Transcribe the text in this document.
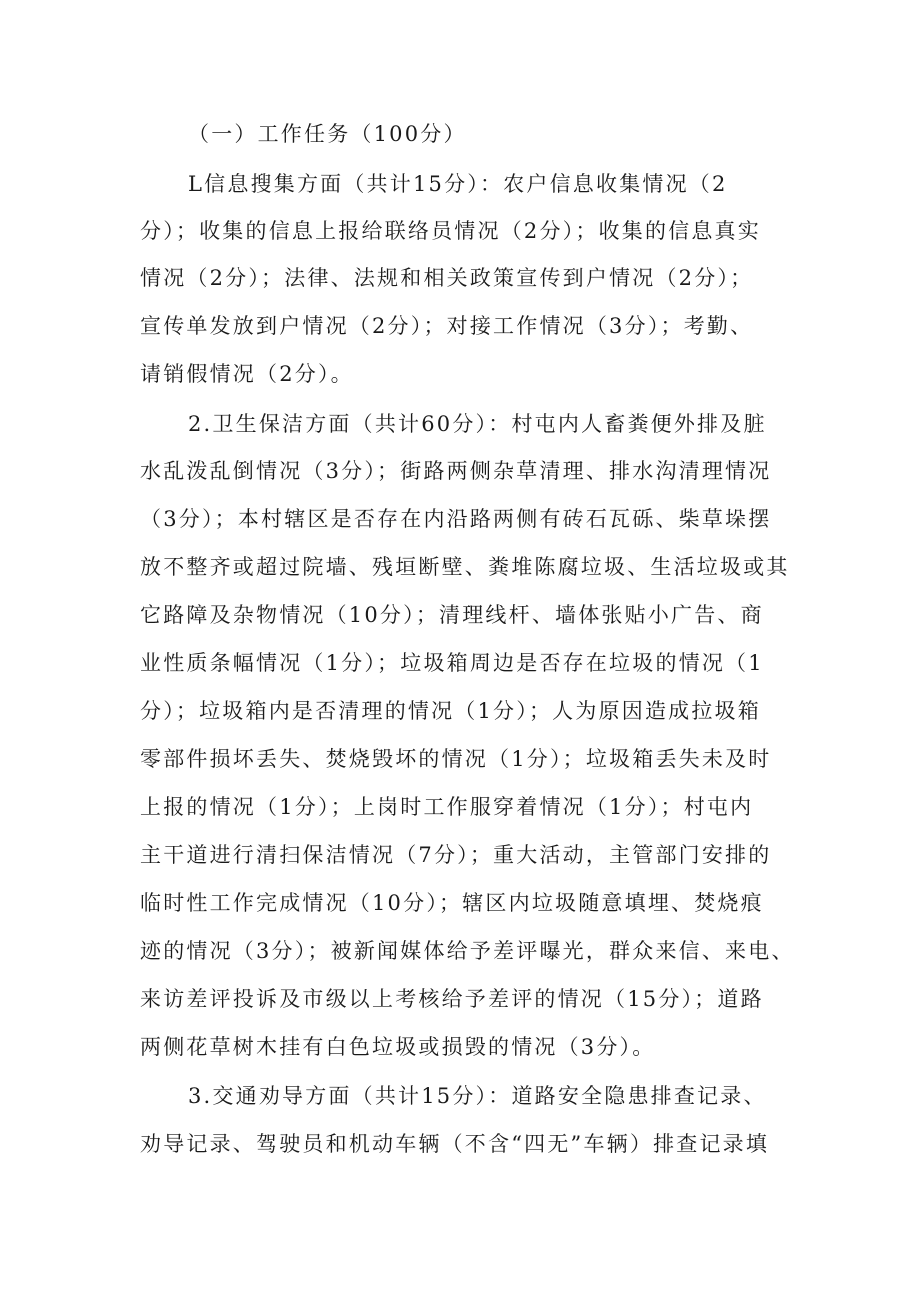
（一）工作任务（100分）
L信息搜集方面（共计15分）：农户信息收集情况（2
分）；收集的信息上报给联络员情况（2分）；收集的信息真实
情况（2分）；法律、法规和相关政策宣传到户情况（2分）；
宣传单发放到户情况（2分）；对接工作情况（3分）；考勤、
请销假情况（2分）。
2.卫生保洁方面（共计60分）：村屯内人畜粪便外排及脏
水乱泼乱倒情况（3分）；街路两侧杂草清理、排水沟清理情况
（3分）；本村辖区是否存在内沿路两侧有砖石瓦砾、柴草垛摆
放不整齐或超过院墙、残垣断壁、粪堆陈腐垃圾、生活垃圾或其
它路障及杂物情况（10分）；清理线杆、墙体张贴小广告、商
业性质条幅情况（1分）；垃圾箱周边是否存在垃圾的情况（1
分）；垃圾箱内是否清理的情况（1分）；人为原因造成拉圾箱
零部件损坏丢失、焚烧毁坏的情况（1分）；垃圾箱丢失未及时
上报的情况（1分）；上岗时工作服穿着情况（1分）；村屯内
主干道进行清扫保洁情况（7分）；重大活动，主管部门安排的
临时性工作完成情况（10分）；辖区内垃圾随意填埋、焚烧痕
迹的情况（3分）；被新闻媒体给予差评曝光，群众来信、来电、
来访差评投诉及市级以上考核给予差评的情况（15分）；道路
两侧花草树木挂有白色垃圾或损毁的情况（3分）。
3.交通劝导方面（共计15分）：道路安全隐患排查记录、
劝导记录、驾驶员和机动车辆（不含“四无”车辆）排查记录填
